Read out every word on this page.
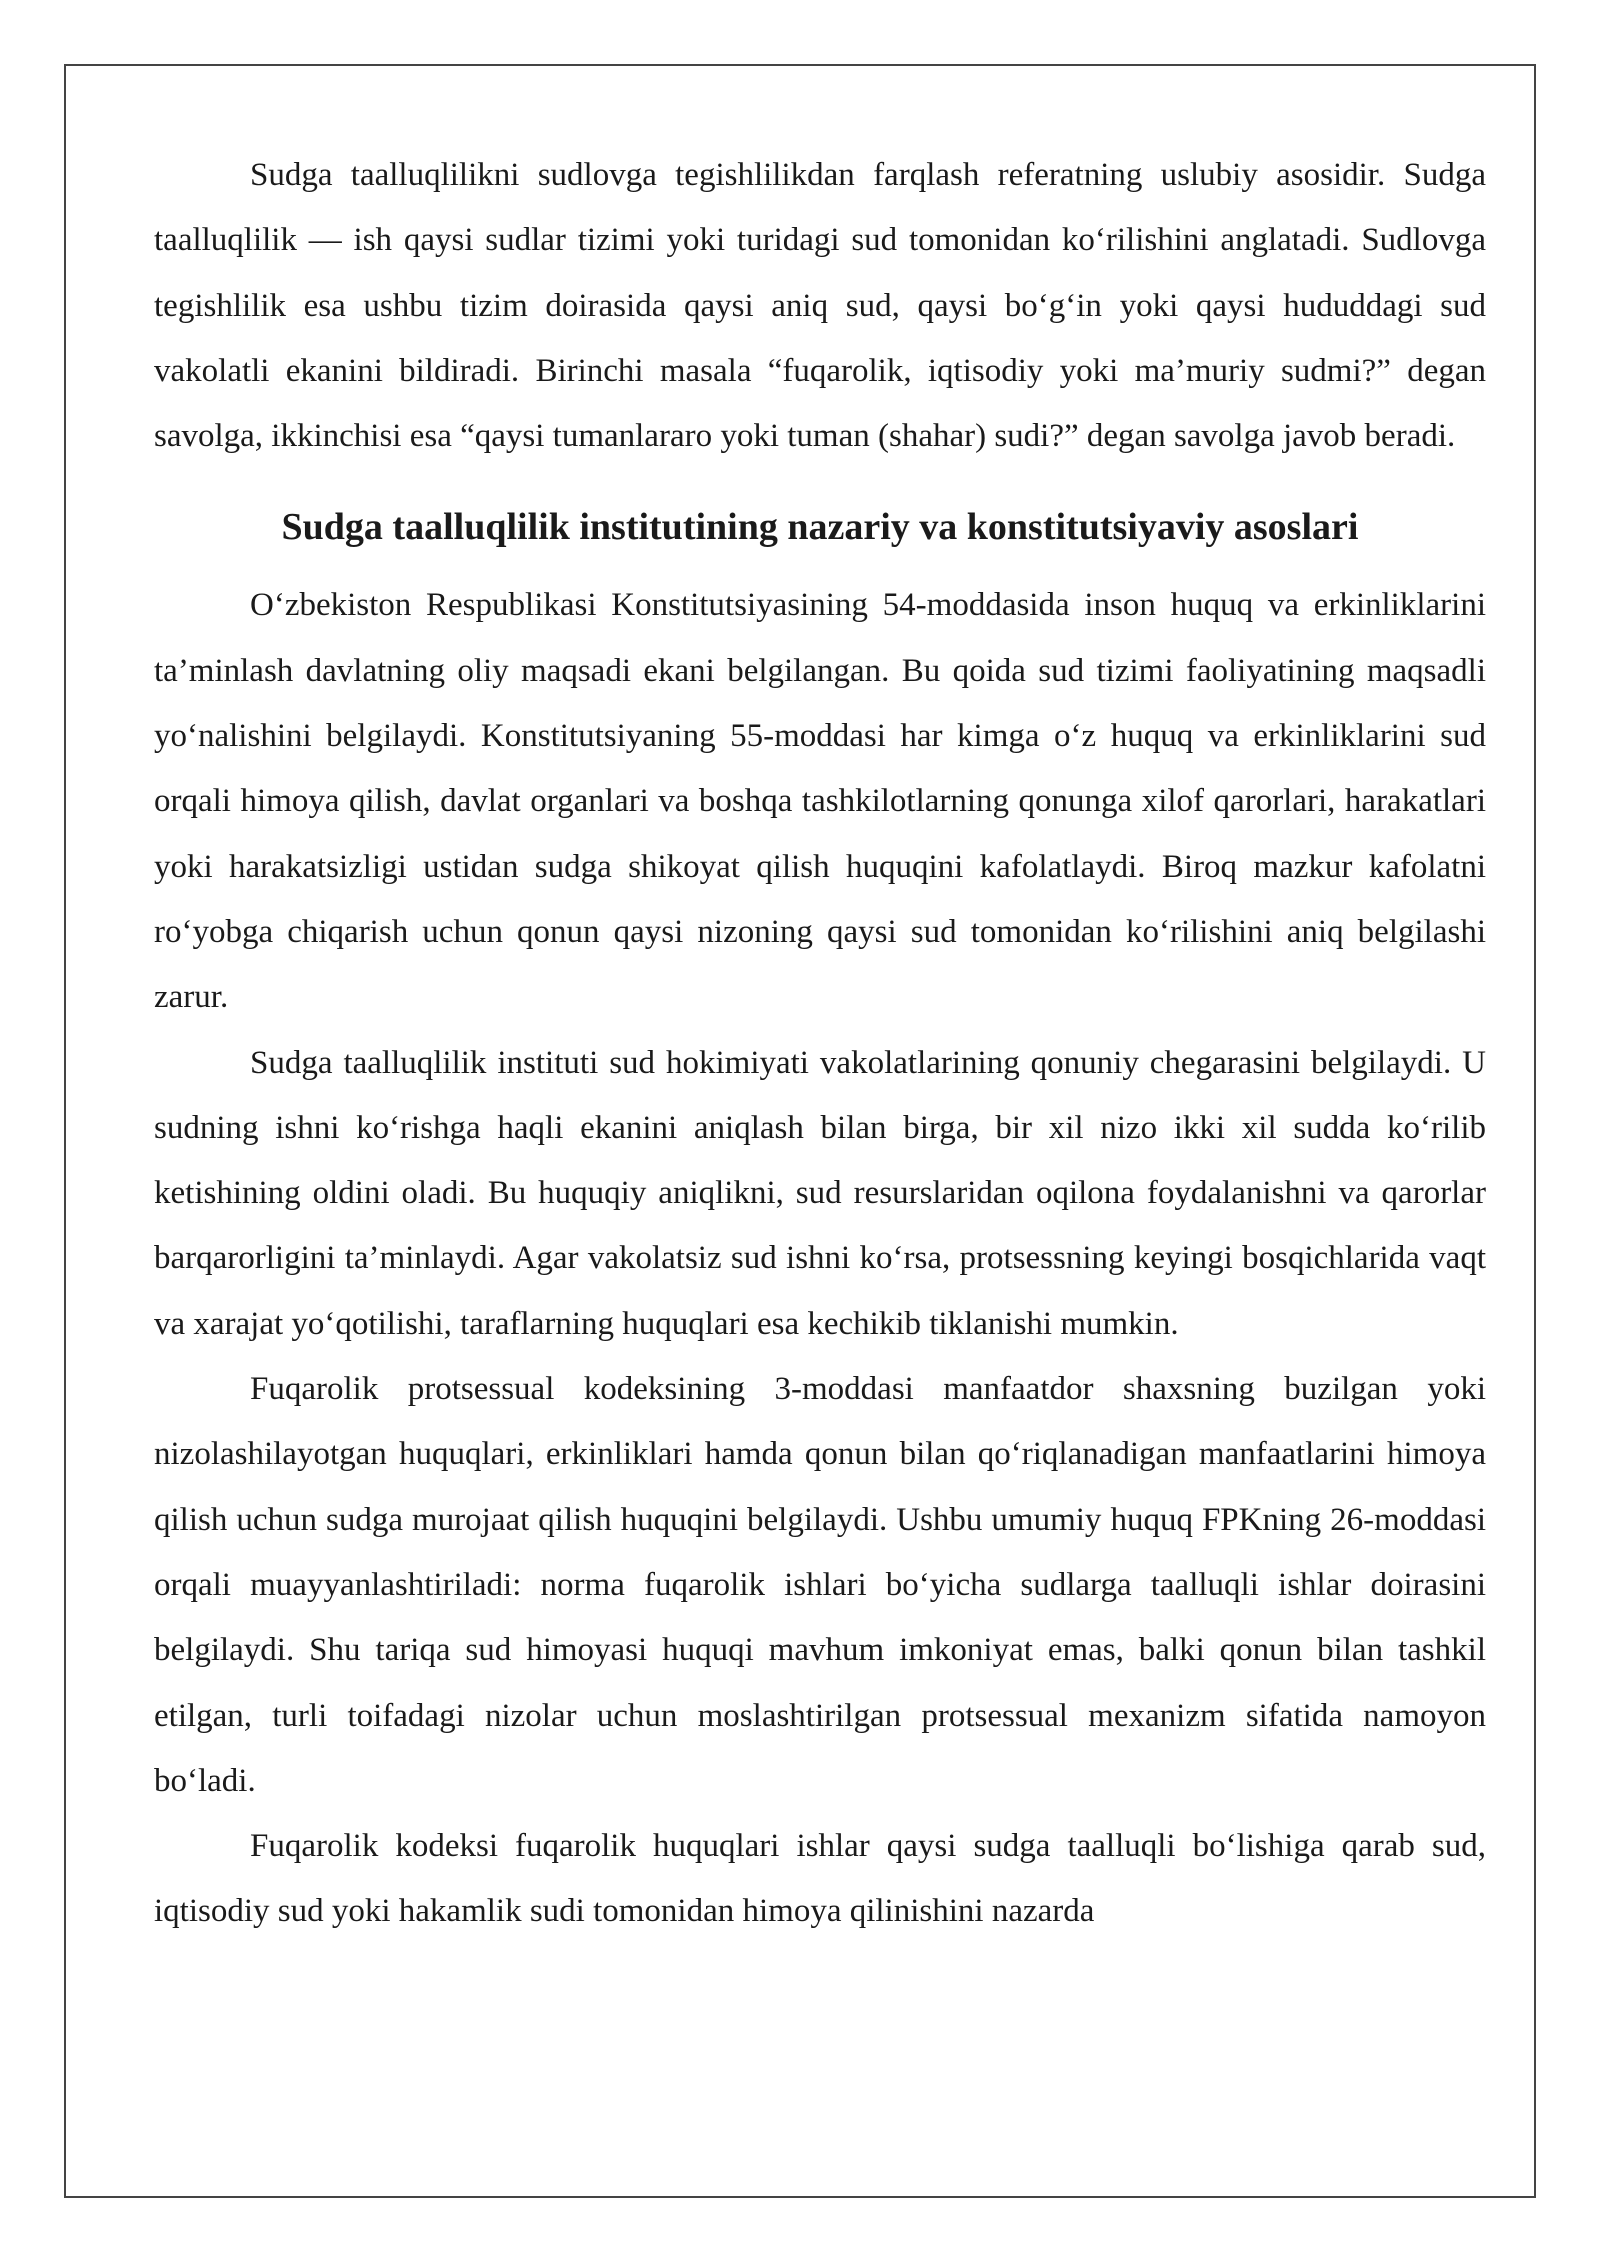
Sudga taalluqlilikni sudlovga tegishlilikdan farqlash referatning uslubiy asosidir. Sudga taalluqlilik — ish qaysi sudlar tizimi yoki turidagi sud tomonidan ko‘rilishini anglatadi. Sudlovga tegishlilik esa ushbu tizim doirasida qaysi aniq sud, qaysi bo‘g‘in yoki qaysi hududdagi sud vakolatli ekanini bildiradi. Birinchi masala “fuqarolik, iqtisodiy yoki ma’muriy sudmi?” degan savolga, ikkinchisi esa “qaysi tumanlararo yoki tuman (shahar) sudi?” degan savolga javob beradi.

Sudga taalluqlilik institutining nazariy va konstitutsiyaviy asoslari

O‘zbekiston Respublikasi Konstitutsiyasining 54-moddasida inson huquq va erkinliklarini ta’minlash davlatning oliy maqsadi ekani belgilangan. Bu qoida sud tizimi faoliyatining maqsadli yo‘nalishini belgilaydi. Konstitutsiyaning 55-moddasi har kimga o‘z huquq va erkinliklarini sud orqali himoya qilish, davlat organlari va boshqa tashkilotlarning qonunga xilof qarorlari, harakatlari yoki harakatsizligi ustidan sudga shikoyat qilish huquqini kafolatlaydi. Biroq mazkur kafolatni ro‘yobga chiqarish uchun qonun qaysi nizoning qaysi sud tomonidan ko‘rilishini aniq belgilashi zarur.

Sudga taalluqlilik instituti sud hokimiyati vakolatlarining qonuniy chegarasini belgilaydi. U sudning ishni ko‘rishga haqli ekanini aniqlash bilan birga, bir xil nizo ikki xil sudda ko‘rilib ketishining oldini oladi. Bu huquqiy aniqlikni, sud resurslaridan oqilona foydalanishni va qarorlar barqarorligini ta’minlaydi. Agar vakolatsiz sud ishni ko‘rsa, protsessning keyingi bosqichlarida vaqt va xarajat yo‘qotilishi, taraflarning huquqlari esa kechikib tiklanishi mumkin.

Fuqarolik protsessual kodeksining 3-moddasi manfaatdor shaxsning buzilgan yoki nizolashilayotgan huquqlari, erkinliklari hamda qonun bilan qo‘riqlanadigan manfaatlarini himoya qilish uchun sudga murojaat qilish huquqini belgilaydi. Ushbu umumiy huquq FPKning 26-moddasi orqali muayyanlashtiriladi: norma fuqarolik ishlari bo‘yicha sudlarga taalluqli ishlar doirasini belgilaydi. Shu tariqa sud himoyasi huquqi mavhum imkoniyat emas, balki qonun bilan tashkil etilgan, turli toifadagi nizolar uchun moslashtirilgan protsessual mexanizm sifatida namoyon bo‘ladi.

Fuqarolik kodeksi fuqarolik huquqlari ishlar qaysi sudga taalluqli bo‘lishiga qarab sud, iqtisodiy sud yoki hakamlik sudi tomonidan himoya qilinishini nazarda
